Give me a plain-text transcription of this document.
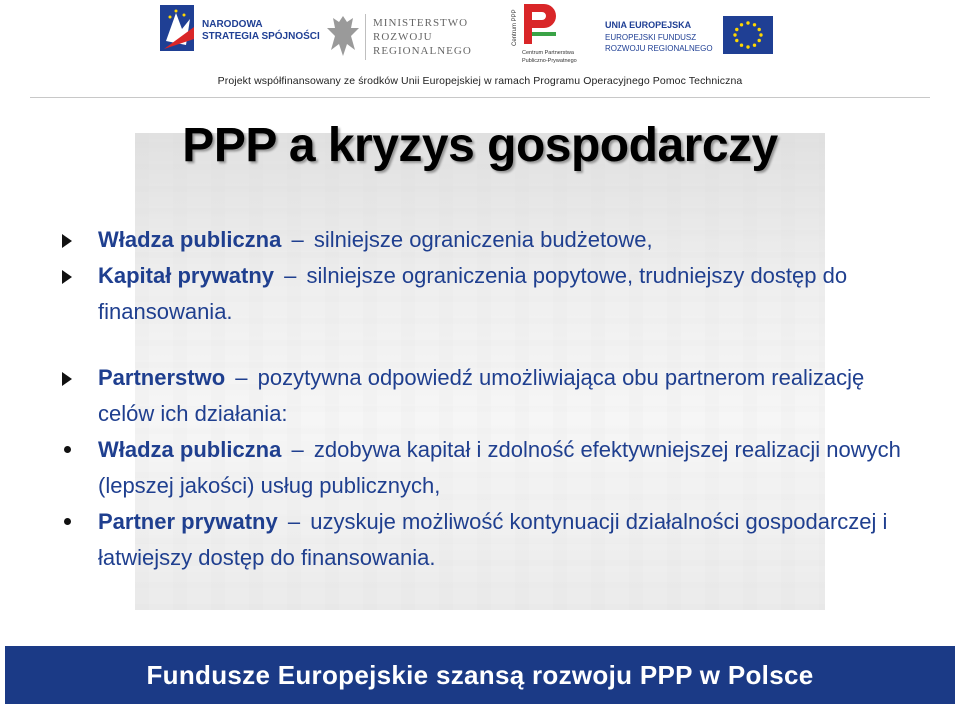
NARODOWA
STRATEGIA SPÓJNOŚCI
MINISTERSTWO
ROZWOJU
REGIONALNEGO
Centrum PPP
Centrum Partnerstwa
Publiczno-Prywatnego
UNIA EUROPEJSKA
EUROPEJSKI FUNDUSZ
ROZWOJU REGIONALNEGO
Projekt współfinansowany ze środków Unii Europejskiej w ramach Programu Operacyjnego Pomoc Techniczna
PPP a kryzys gospodarczy
Władza publiczna – silniejsze ograniczenia budżetowe,
Kapitał prywatny – silniejsze ograniczenia popytowe, trudniejszy dostęp do finansowania.
Partnerstwo – pozytywna odpowiedź umożliwiająca obu partnerom realizację celów ich działania:
Władza publiczna – zdobywa kapitał i zdolność efektywniejszej realizacji nowych (lepszej jakości) usług publicznych,
Partner prywatny – uzyskuje możliwość kontynuacji działalności gospodarczej i łatwiejszy dostęp do finansowania.
Fundusze Europejskie szansą rozwoju PPP w Polsce
